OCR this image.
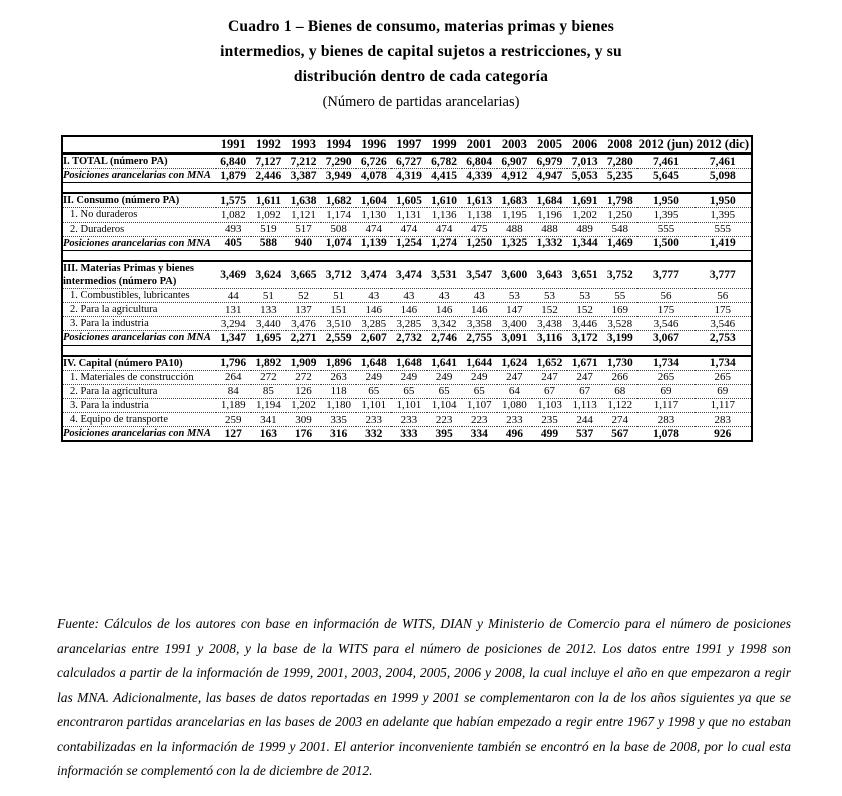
Cuadro 1 – Bienes de consumo, materias primas y bienes
intermedios, y bienes de capital sujetos a restricciones, y su
distribución dentro de cada categoría
(Número de partidas arancelarias)
	1991	1992	1993	1994	1996	1997	1999	2001	2003	2005	2006	2008	2012 (jun)	2012 (dic)
I. TOTAL (número PA)	6,840	7,127	7,212	7,290	6,726	6,727	6,782	6,804	6,907	6,979	7,013	7,280	7,461	7,461
Posiciones arancelarias con MNA	1,879	2,446	3,387	3,949	4,078	4,319	4,415	4,339	4,912	4,947	5,053	5,235	5,645	5,098

II. Consumo (número PA)	1,575	1,611	1,638	1,682	1,604	1,605	1,610	1,613	1,683	1,684	1,691	1,798	1,950	1,950
1. No duraderos	1,082	1,092	1,121	1,174	1,130	1,131	1,136	1,138	1,195	1,196	1,202	1,250	1,395	1,395
2. Duraderos	493	519	517	508	474	474	474	475	488	488	489	548	555	555
Posiciones arancelarias con MNA	405	588	940	1,074	1,139	1,254	1,274	1,250	1,325	1,332	1,344	1,469	1,500	1,419

III. Materias Primas y bienes intermedios (número PA)	3,469	3,624	3,665	3,712	3,474	3,474	3,531	3,547	3,600	3,643	3,651	3,752	3,777	3,777
1. Combustibles, lubricantes	44	51	52	51	43	43	43	43	53	53	53	55	56	56
2. Para la agricultura	131	133	137	151	146	146	146	146	147	152	152	169	175	175
3. Para la industria	3,294	3,440	3,476	3,510	3,285	3,285	3,342	3,358	3,400	3,438	3,446	3,528	3,546	3,546
Posiciones arancelarias con MNA	1,347	1,695	2,271	2,559	2,607	2,732	2,746	2,755	3,091	3,116	3,172	3,199	3,067	2,753

IV. Capital (número PA10)	1,796	1,892	1,909	1,896	1,648	1,648	1,641	1,644	1,624	1,652	1,671	1,730	1,734	1,734
1. Materiales de construcción	264	272	272	263	249	249	249	249	247	247	247	266	265	265
2. Para la agricultura	84	85	126	118	65	65	65	65	64	67	67	68	69	69
3. Para la industria	1,189	1,194	1,202	1,180	1,101	1,101	1,104	1,107	1,080	1,103	1,113	1,122	1,117	1,117
4. Equipo de transporte	259	341	309	335	233	233	223	223	233	235	244	274	283	283
Posiciones arancelarias con MNA	127	163	176	316	332	333	395	334	496	499	537	567	1,078	926
Fuente: Cálculos de los autores con base en información de WITS, DIAN y Ministerio de Comercio para el número de posiciones arancelarias entre 1991 y 2008, y la base de la WITS para el número de posiciones de 2012. Los datos entre 1991 y 1998 son calculados a partir de la información de 1999, 2001, 2003, 2004, 2005, 2006 y 2008, la cual incluye el año en que empezaron a regir las MNA. Adicionalmente, las bases de datos reportadas en 1999 y 2001 se complementaron con la de los años siguientes ya que se encontraron partidas arancelarias en las bases de 2003 en adelante que habían empezado a regir entre 1967 y 1998 y que no estaban contabilizadas en la información de 1999 y 2001. El anterior inconveniente también se encontró en la base de 2008, por lo cual esta información se complementó con la de diciembre de 2012.
